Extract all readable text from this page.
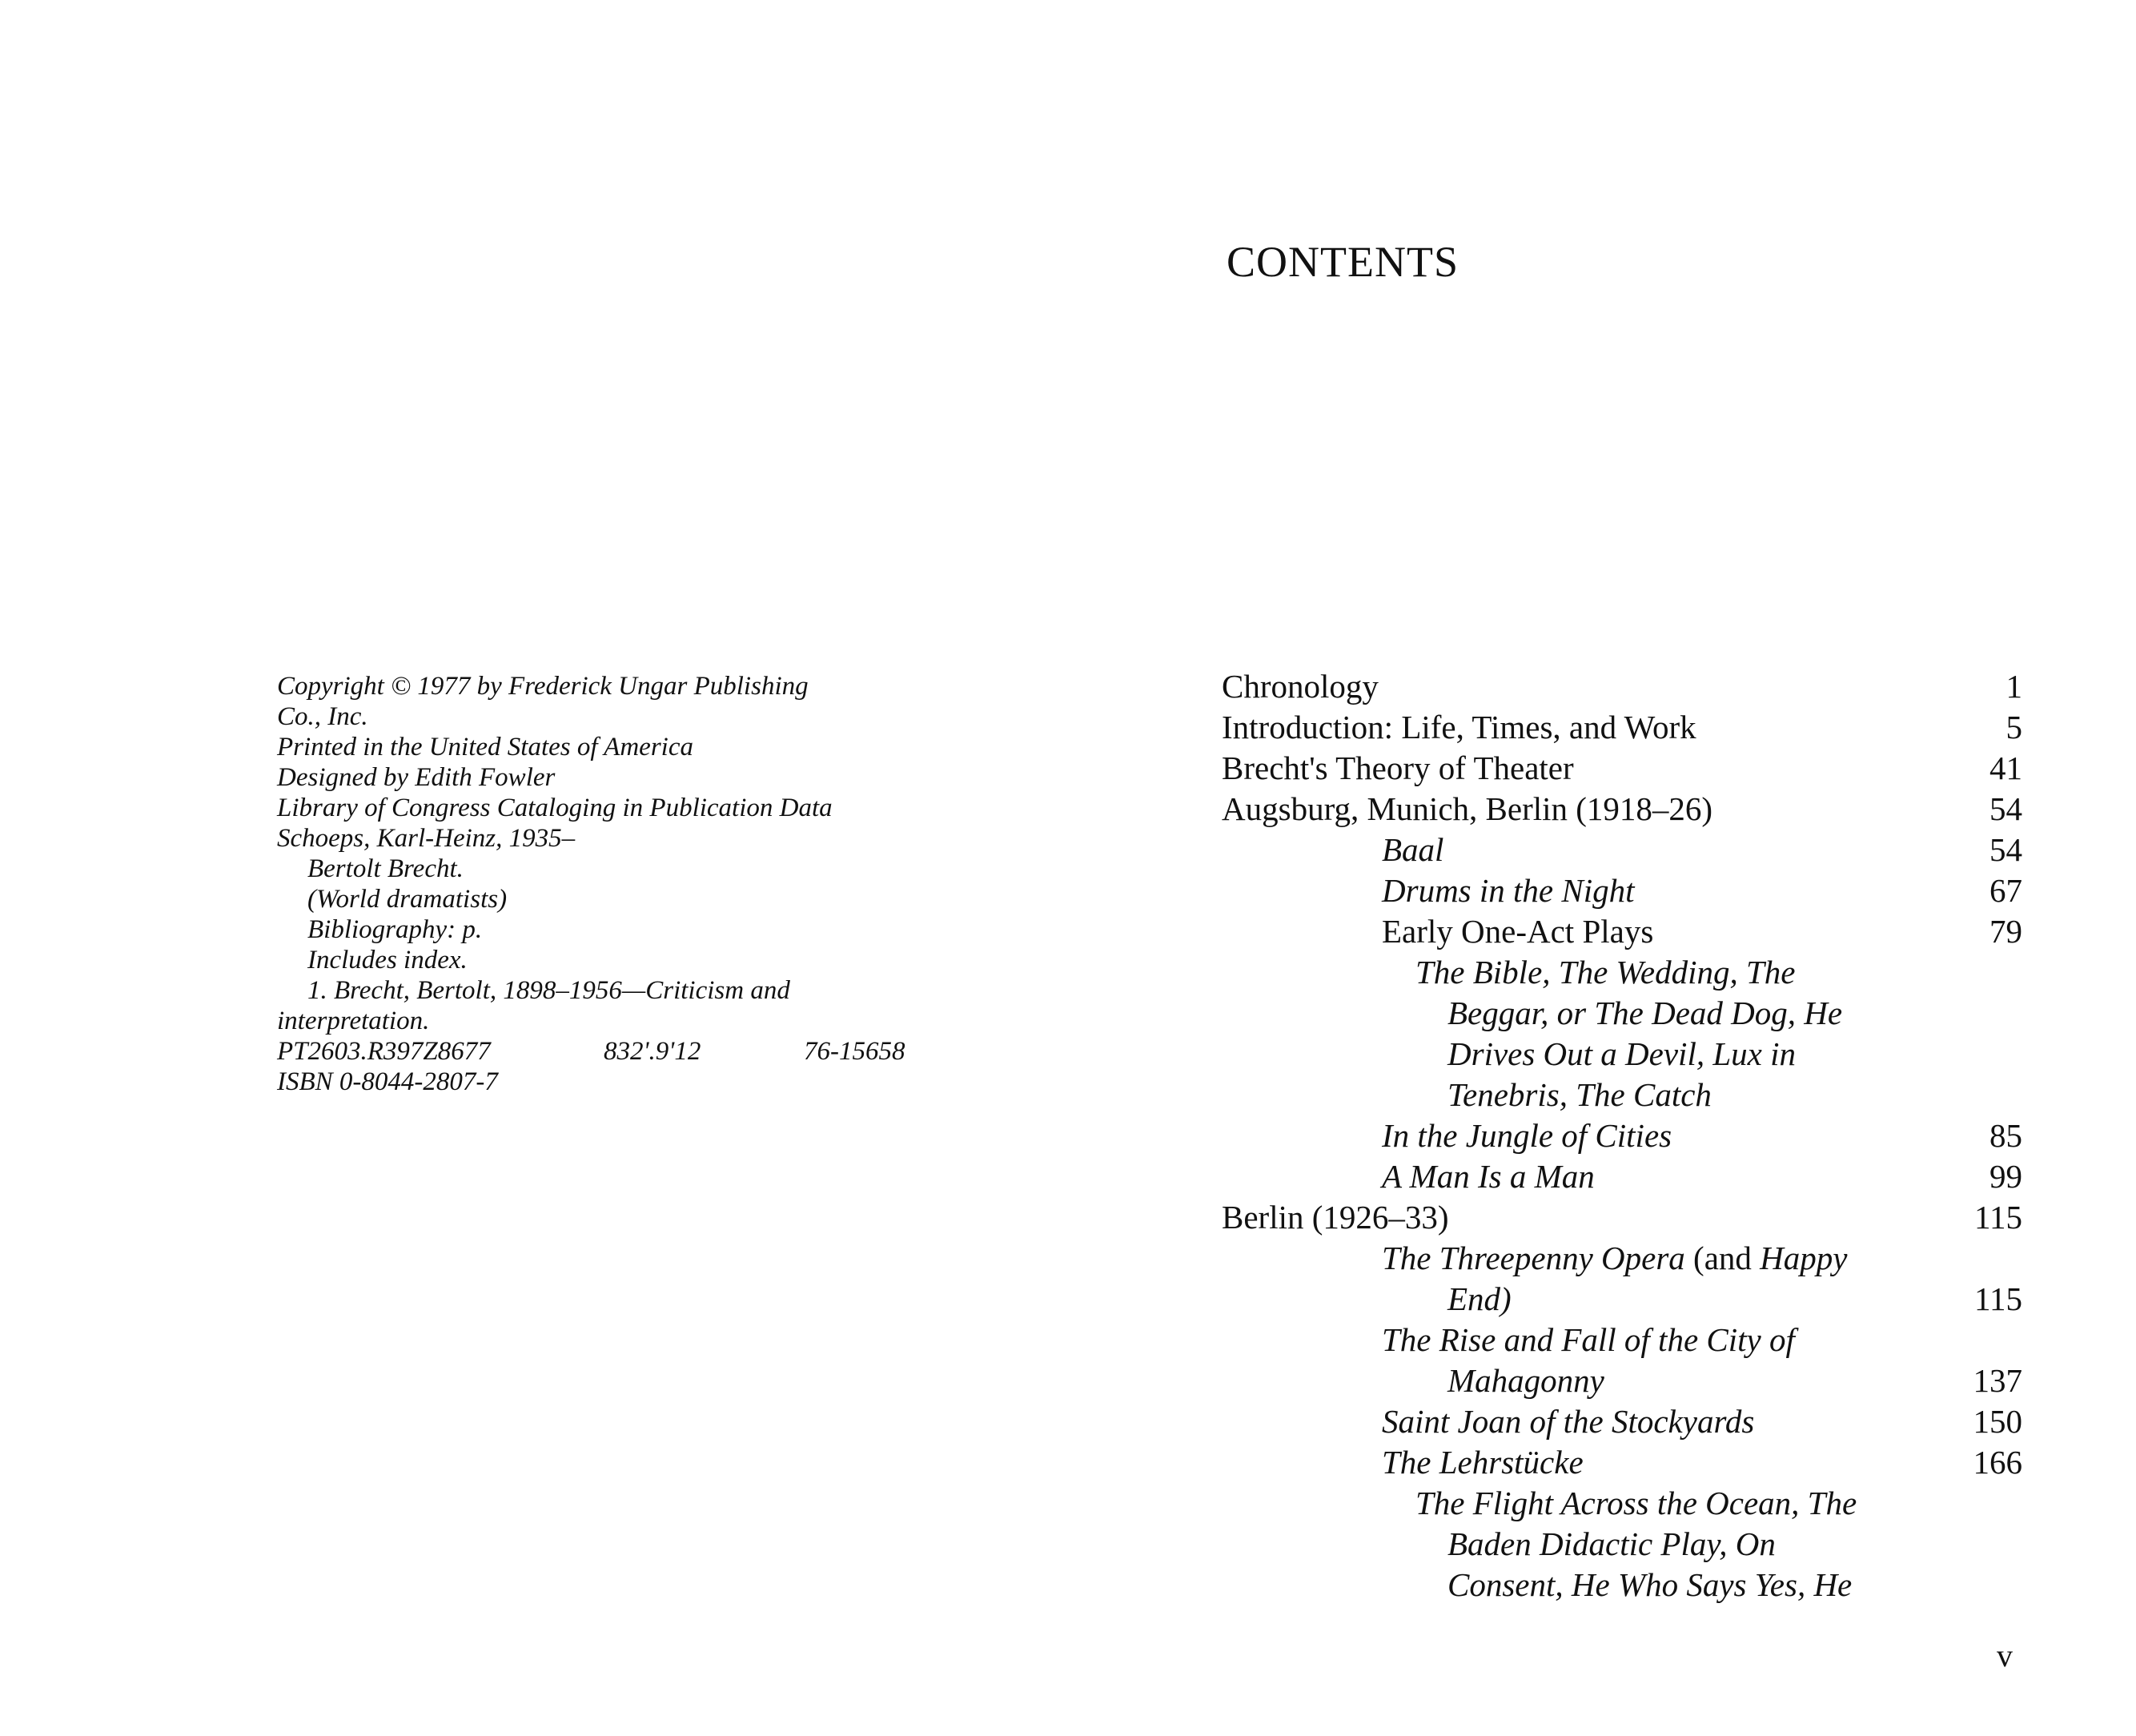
Copyright © 1977 by Frederick Ungar Publishing
Co., Inc.
Printed in the United States of America
Designed by Edith Fowler
Library of Congress Cataloging in Publication Data
Schoeps, Karl-Heinz, 1935–
Bertolt Brecht.
(World dramatists)
Bibliography: p.
Includes index.
1. Brecht, Bertolt, 1898–1956—Criticism and
interpretation.
PT2603.R397Z8677	832'.9'12	76-15658
ISBN 0-8044-2807-7
CONTENTS
Chronology	1
Introduction: Life, Times, and Work	5
Brecht's Theory of Theater	41
Augsburg, Munich, Berlin (1918–26)	54
Baal	54
Drums in the Night	67
Early One-Act Plays	79
The Bible, The Wedding, The
Beggar, or The Dead Dog, He
Drives Out a Devil, Lux in
Tenebris, The Catch
In the Jungle of Cities	85
A Man Is a Man	99
Berlin (1926–33)	115
The Threepenny Opera (and Happy
End)	115
The Rise and Fall of the City of
Mahagonny	137
Saint Joan of the Stockyards	150
The Lehrstücke	166
The Flight Across the Ocean, The
Baden Didactic Play, On
Consent, He Who Says Yes, He
v
